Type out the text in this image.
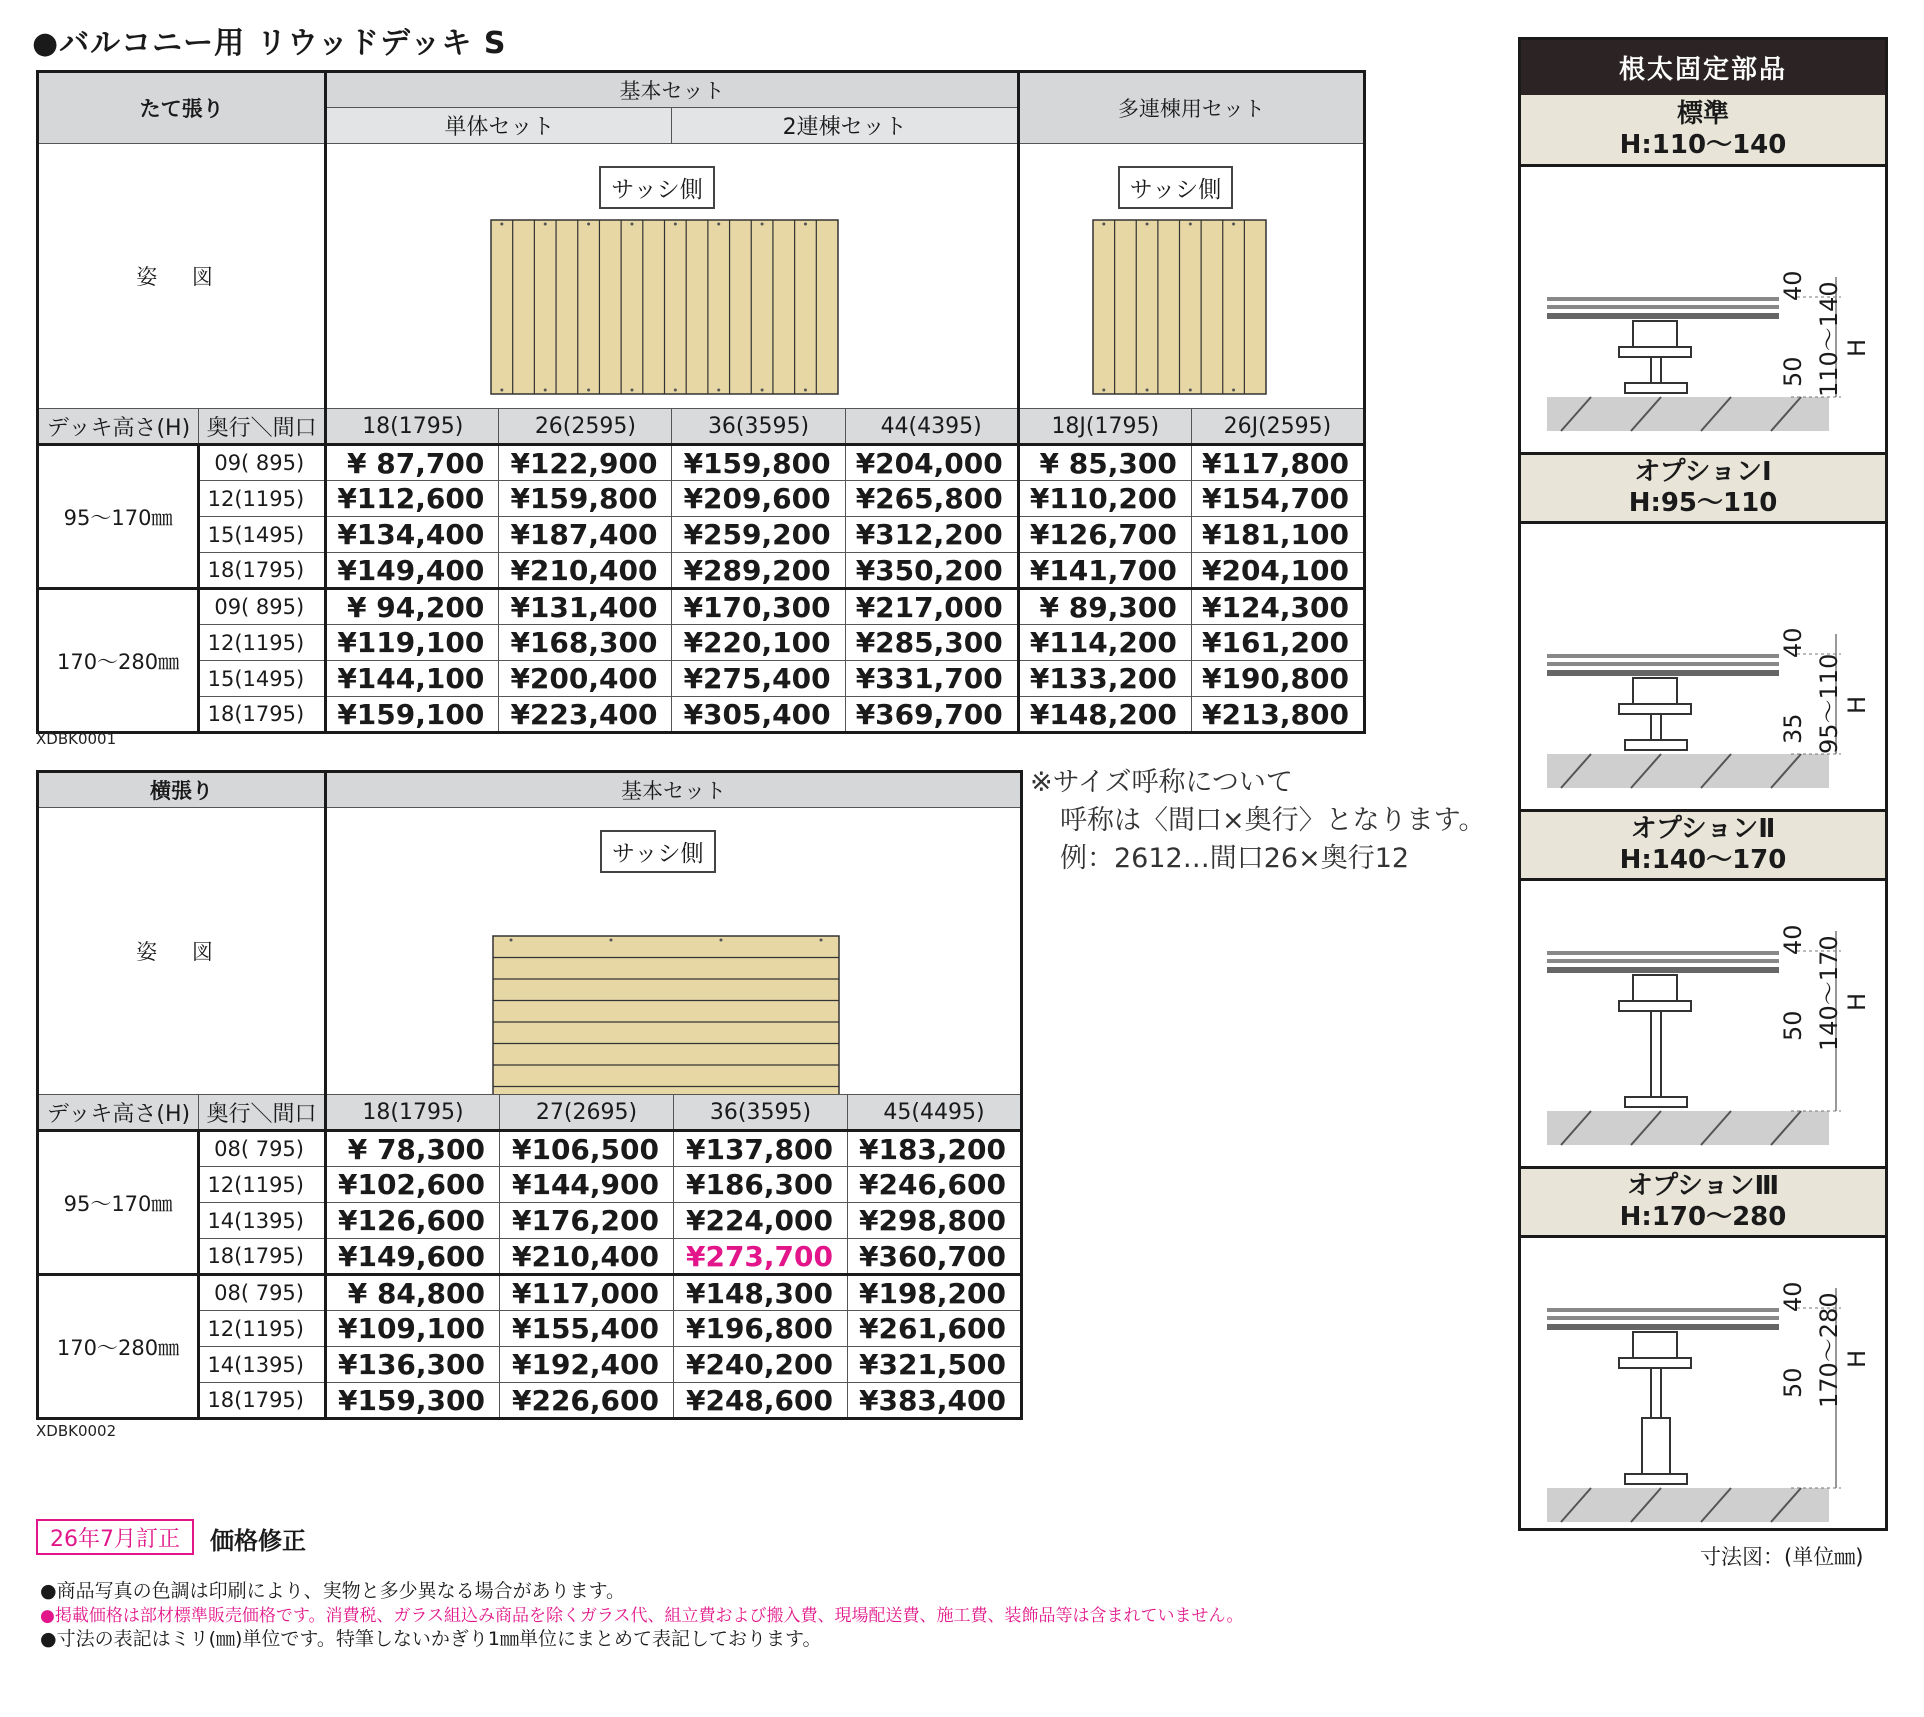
●バルコニー用 リウッドデッキ S
たて張り		基本セット				多連棟用セット	
		単体セット		2連棟セット			
姿 図		サッシ側				サッシ側	

デッキ高さ(H)	奥行＼間口	18(1795)	26(2595)	36(3595)	44(4395)	18J(1795)	26J(2595)
95～170㎜	09( 895)	¥ 87,700	¥122,900	¥159,800	¥204,000	¥ 85,300	¥117,800
	12(1195)	¥112,600	¥159,800	¥209,600	¥265,800	¥110,200	¥154,700
	15(1495)	¥134,400	¥187,400	¥259,200	¥312,200	¥126,700	¥181,100
	18(1795)	¥149,400	¥210,400	¥289,200	¥350,200	¥141,700	¥204,100
170～280㎜	09( 895)	¥ 94,200	¥131,400	¥170,300	¥217,000	¥ 89,300	¥124,300
	12(1195)	¥119,100	¥168,300	¥220,100	¥285,300	¥114,200	¥161,200
	15(1495)	¥144,100	¥200,400	¥275,400	¥331,700	¥133,200	¥190,800
	18(1795)	¥159,100	¥223,400	¥305,400	¥369,700	¥148,200	¥213,800
XDBK0001
横張り		基本セット			
姿 図		サッシ側			

デッキ高さ(H)	奥行＼間口	18(1795)	27(2695)	36(3595)	45(4495)
95～170㎜	08( 795)	¥ 78,300	¥106,500	¥137,800	¥183,200
	12(1195)	¥102,600	¥144,900	¥186,300	¥246,600
	14(1395)	¥126,600	¥176,200	¥224,000	¥298,800
	18(1795)	¥149,600	¥210,400	¥273,700	¥360,700
170～280㎜	08( 795)	¥ 84,800	¥117,000	¥148,300	¥198,200
	12(1195)	¥109,100	¥155,400	¥196,800	¥261,600
	14(1395)	¥136,300	¥192,400	¥240,200	¥321,500
	18(1795)	¥159,300	¥226,600	¥248,600	¥383,400
XDBK0002
※サイズ呼称について
呼称は〈間口×奥行〉となります。
例：2612…間口26×奥行12
26年7月訂正	価格修正
●商品写真の色調は印刷により、実物と多少異なる場合があります。
●掲載価格は部材標準販売価格です。消費税、ガラス組込み商品を除くガラス代、組立費および搬入費、現場配送費、施工費、装飾品等は含まれていません。
●寸法の表記はミリ(㎜)単位です。特筆しないかぎり1㎜単位にまとめて表記しております。
根太固定部品
標準
H:110～140
40
50 110～140 H
オプションⅠ
H:95～110
40
35 95～110 H
オプションⅡ
H:140～170
40
50 140～170 H
オプションⅢ
H:170～280
40
50 170～280 H
寸法図：(単位㎜)
